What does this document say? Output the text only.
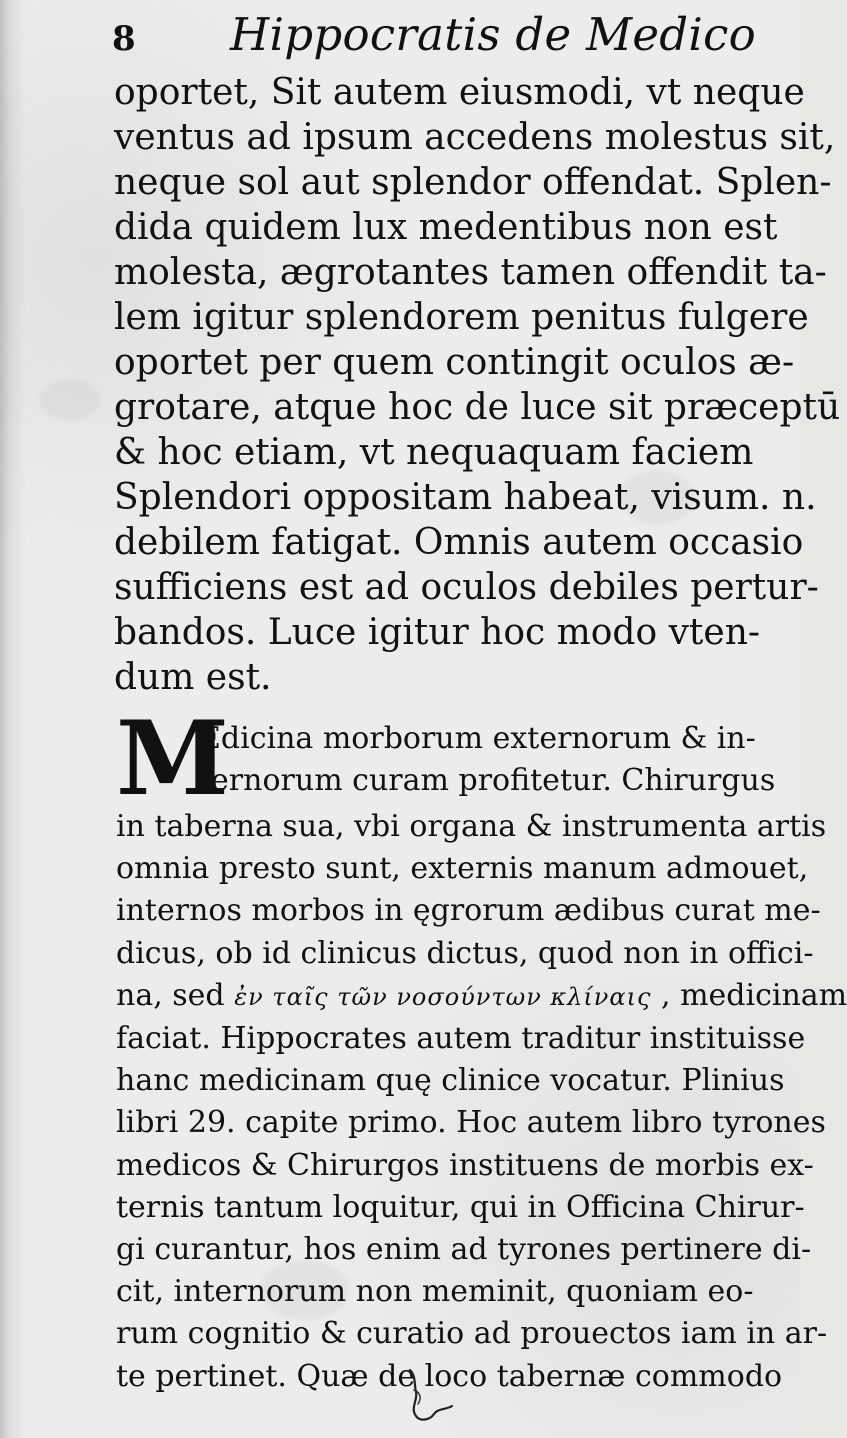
8 Hippocratis de Medico
oportet, Sit autem eiusmodi, vt neque
ventus ad ipsum accedens molestus sit,
neque sol aut splendor offendat. Splen-
dida quidem lux medentibus non est
molesta, ægrotantes tamen offendit ta-
lem igitur splendorem penitus fulgere
oportet per quem contingit oculos æ-
grotare, atque hoc de luce sit præceptū
& hoc etiam, vt nequaquam faciem
Splendori oppositam habeat, visum. n.
debilem fatigat. Omnis autem occasio
sufficiens est ad oculos debiles pertur-
bandos. Luce igitur hoc modo vten-
dum est.
M
Edicina morborum externorum & in-
ternorum curam profitetur. Chirurgus
in taberna sua, vbi organa & instrumenta artis
omnia presto sunt, externis manum admouet,
internos morbos in ęgrorum ædibus curat me-
dicus, ob id clinicus dictus, quod non in offici-
na, sed ἐν ταῖς τῶν νοσούντων κλίναις , medicinam
faciat. Hippocrates autem traditur instituisse
hanc medicinam quę clinice vocatur. Plinius
libri 29. capite primo. Hoc autem libro tyrones
medicos & Chirurgos instituens de morbis ex-
ternis tantum loquitur, qui in Officina Chirur-
gi curantur, hos enim ad tyrones pertinere di-
cit, internorum non meminit, quoniam eo-
rum cognitio & curatio ad prouectos iam in ar-
te pertinet. Quæ de loco tabernæ commodo
